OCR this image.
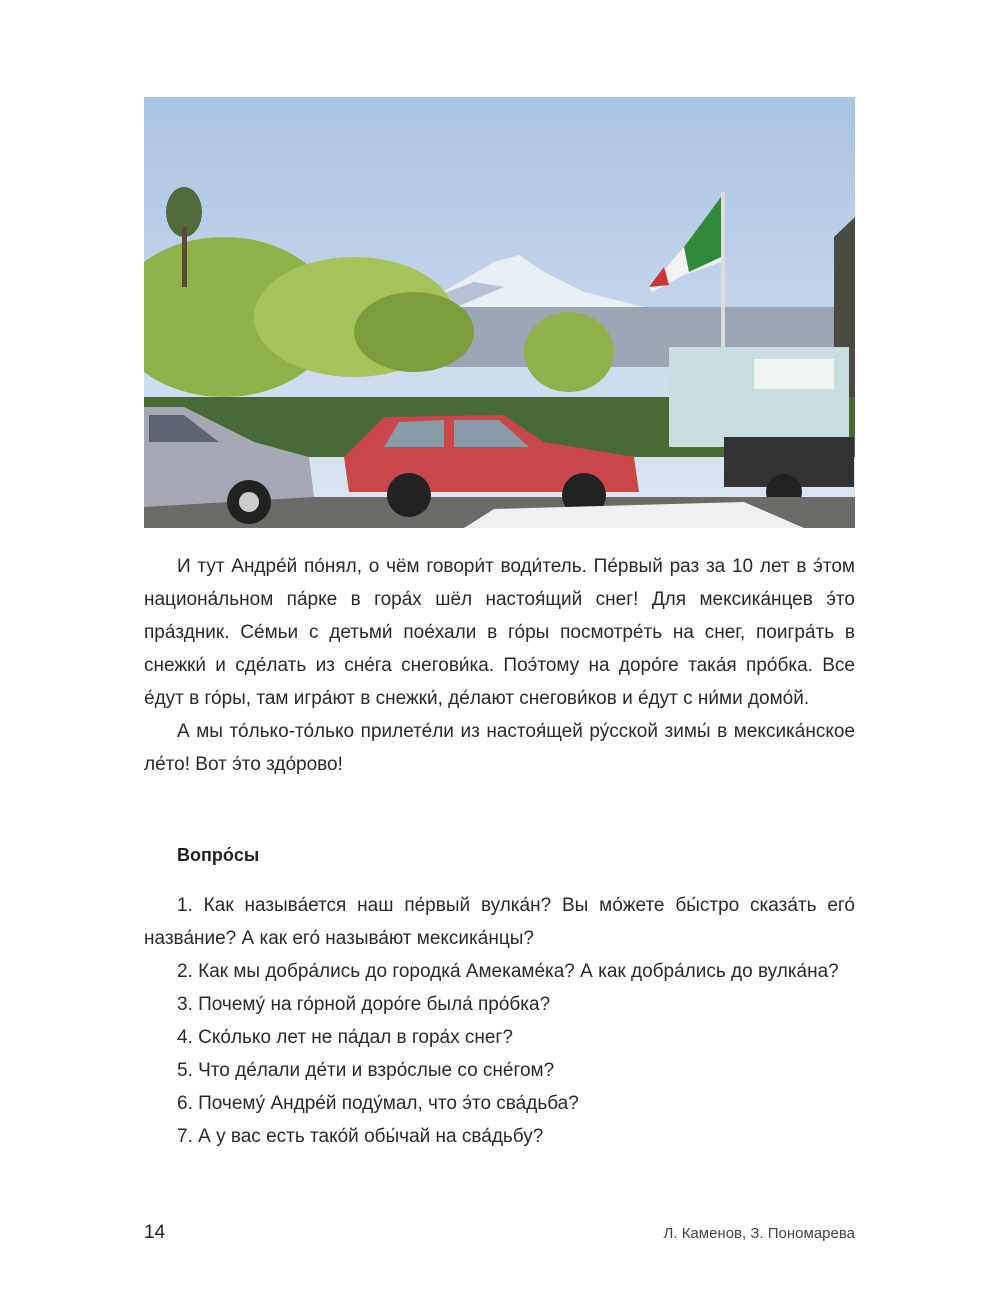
И тут Андре́й по́нял, о чём говори́т води́тель. Пе́рвый раз за 10 лет в э́том национа́льном па́рке в гора́х шёл настоя́щий снег! Для мексика́нцев э́то пра́здник. Се́мьи с детьми́ пое́хали в го́ры посмотре́ть на снег, поигра́ть в снежки́ и сде́лать из сне́га снегови́ка. Поэ́тому на доро́ге така́я про́бка. Все е́дут в го́ры, там игра́ют в снежки́, де́лают снегови́ков и е́дут с ни́ми домо́й.

А мы то́лько-то́лько прилете́ли из настоя́щей ру́сской зимы́ в мексика́нское ле́то! Вот э́то здо́рово!

Вопро́сы

1. Как называ́ется наш пе́рвый вулка́н? Вы мо́жете бы́стро сказа́ть его́ назва́ние? А как его́ называ́ют мексика́нцы?

2. Как мы добра́лись до городка́ Амекаме́ка? А как добра́лись до вулка́на?

3. Почему́ на го́рной доро́ге была́ про́бка?

4. Ско́лько лет не па́дал в гора́х снег?

5. Что де́лали де́ти и взро́слые со сне́гом?

6. Почему́ Андре́й поду́мал, что э́то сва́дьба?

7. А у вас есть тако́й обы́чай на сва́дьбу?

14	Л. Каменов, З. Пономарева
